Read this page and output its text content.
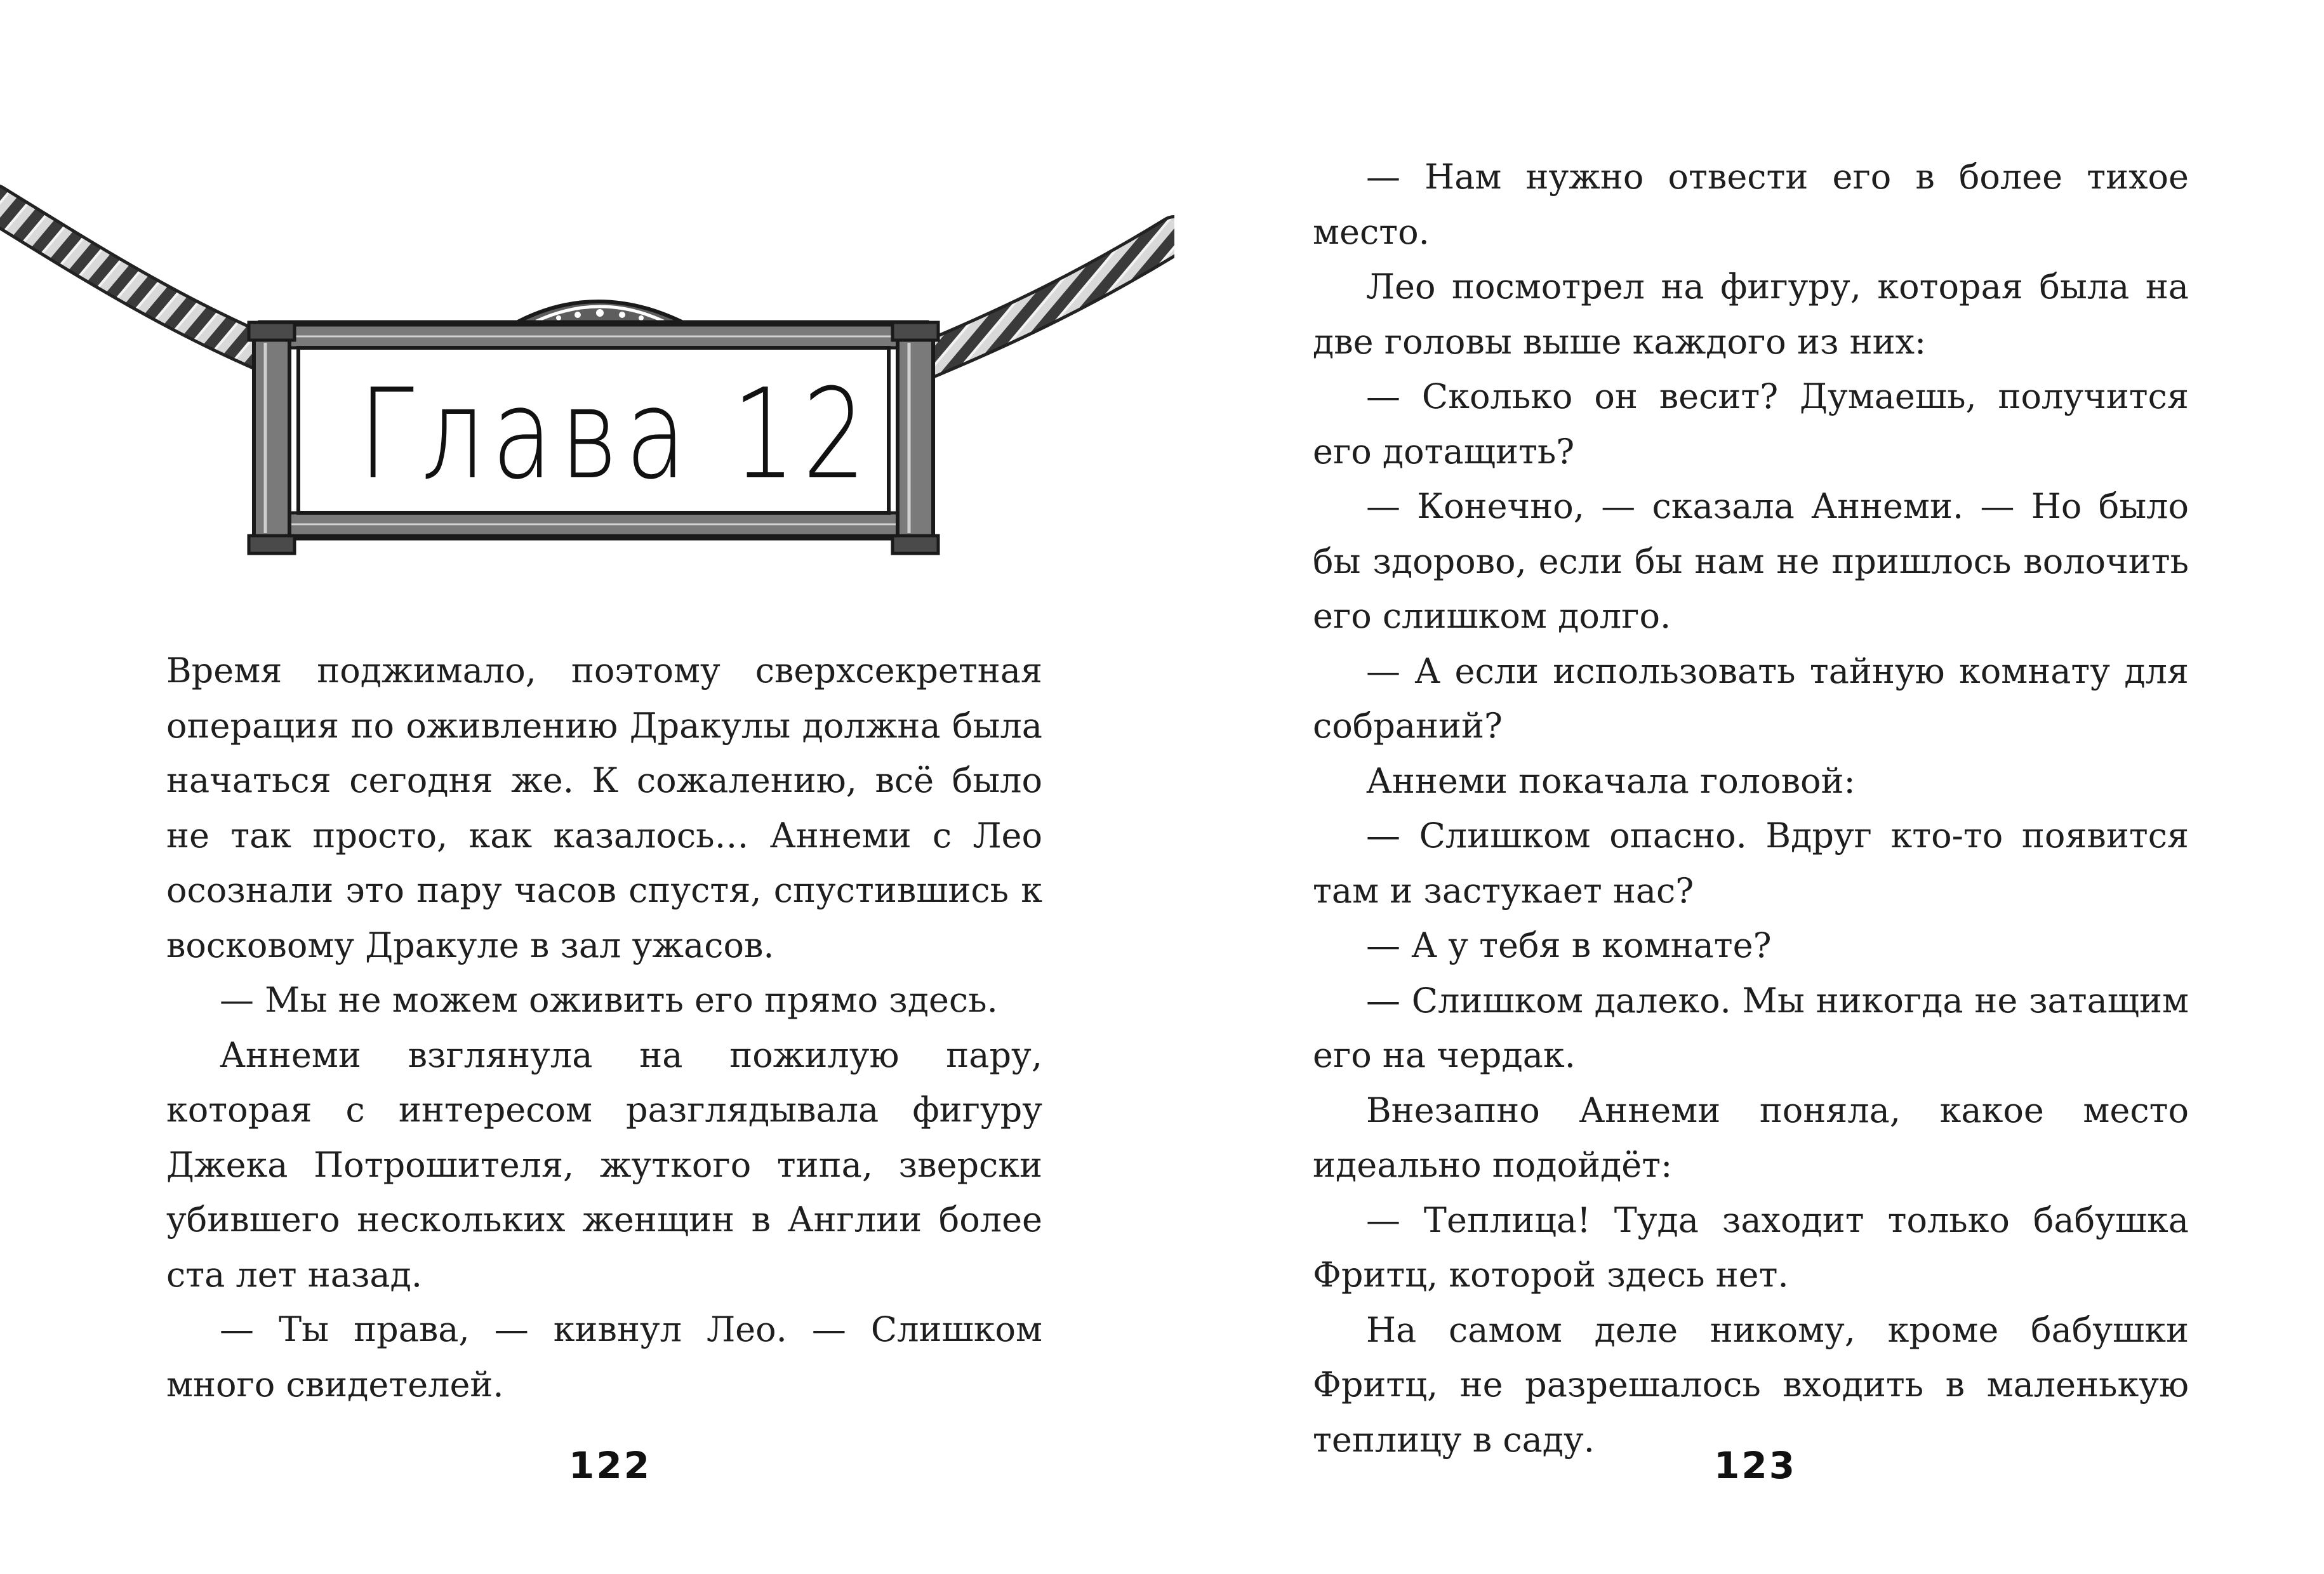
Глава 12

Время поджимало, поэтому сверхсекретная операция по оживлению Дракулы должна была начаться сегодня же. К сожалению, всё было не так просто, как казалось… Аннеми с Лео осознали это пару часов спустя, спустившись к восковому Дракуле в зал ужасов.

— Мы не можем оживить его прямо здесь.

Аннеми взглянула на пожилую пару, которая с интересом разглядывала фигуру Джека Потрошителя, жуткого типа, зверски убившего нескольких женщин в Англии более ста лет назад.

— Ты права, — кивнул Лео. — Слишком много свидетелей.

122

— Нам нужно отвести его в более тихое место.

Лео посмотрел на фигуру, которая была на две головы выше каждого из них:

— Сколько он весит? Думаешь, получится его дотащить?

— Конечно, — сказала Аннеми. — Но было бы здорово, если бы нам не пришлось волочить его слишком долго.

— А если использовать тайную комнату для собраний?

Аннеми покачала головой:

— Слишком опасно. Вдруг кто-то появится там и застукает нас?

— А у тебя в комнате?

— Слишком далеко. Мы никогда не затащим его на чердак.

Внезапно Аннеми поняла, какое место идеально подойдёт:

— Теплица! Туда заходит только бабушка Фритц, которой здесь нет.

На самом деле никому, кроме бабушки Фритц, не разрешалось входить в маленькую теплицу в саду.

123
